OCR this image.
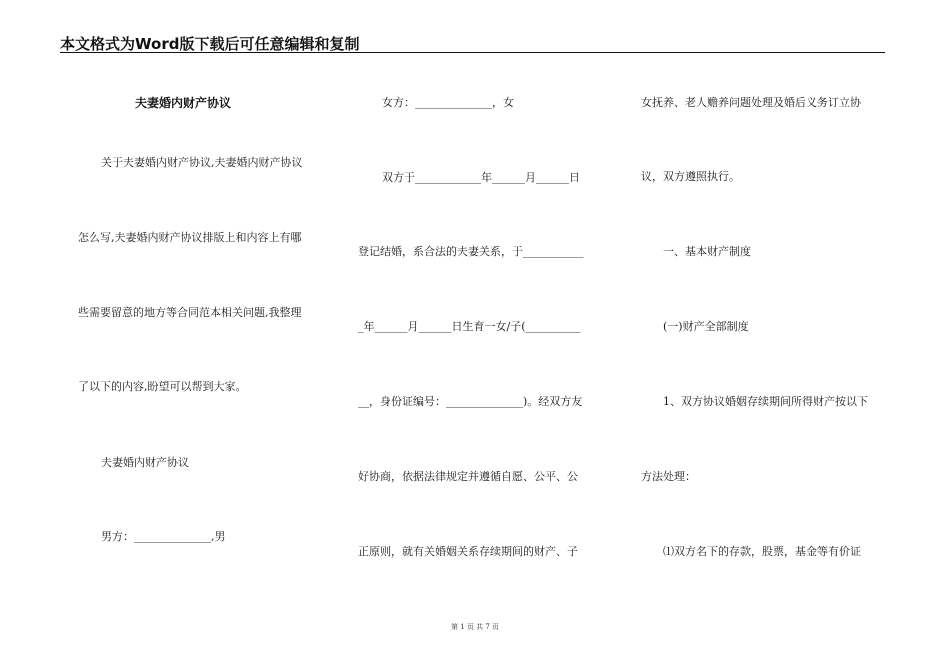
本文格式为Word版下载后可任意编辑和复制
夫妻婚内财产协议
关于夫妻婚内财产协议,夫妻婚内财产协议
怎么写,夫妻婚内财产协议排版上和内容上有哪
些需要留意的地方等合同范本相关问题,我整理
了以下的内容,盼望可以帮到大家。
夫妻婚内财产协议
男方：______________,男
女方：______________，女
双方于____________年______月______日
登记结婚，系合法的夫妻关系，于___________
_年______月______日生育一女/子(__________
__，身份证编号：______________)。经双方友
好协商，依据法律规定并遵循自愿、公平、公
正原则，就有关婚姻关系存续期间的财产、子
女抚养、老人赡养问题处理及婚后义务订立协
议，双方遵照执行。
一、基本财产制度
(一)财产全部制度
1、双方协议婚姻存续期间所得财产按以下
方法处理：
⑴双方名下的存款，股票，基金等有价证
第 1 页 共 7 页
